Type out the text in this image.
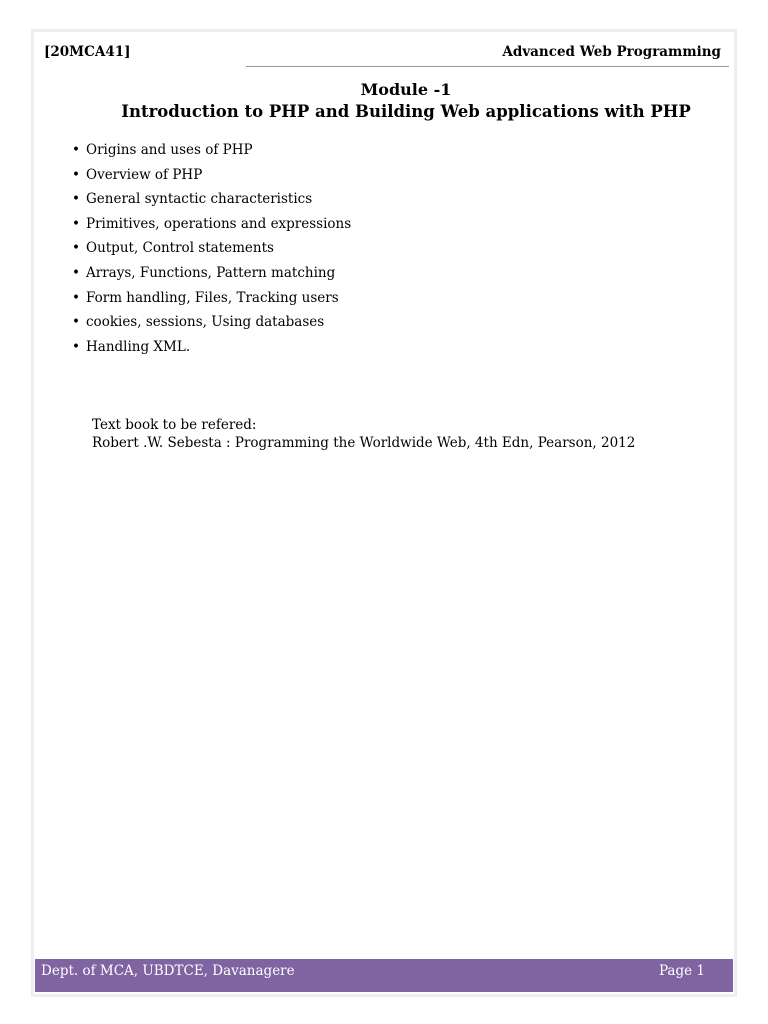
[20MCA41]	Advanced Web Programming
Module -1
Introduction to PHP and Building Web applications with PHP
• Origins and uses of PHP
• Overview of PHP
• General syntactic characteristics
• Primitives, operations and expressions
• Output, Control statements
• Arrays, Functions, Pattern matching
• Form handling, Files, Tracking users
• cookies, sessions, Using databases
• Handling XML.
Text book to be refered:
Robert .W. Sebesta : Programming the Worldwide Web, 4th Edn, Pearson, 2012
Dept. of MCA, UBDTCE, Davanagere	Page 1
